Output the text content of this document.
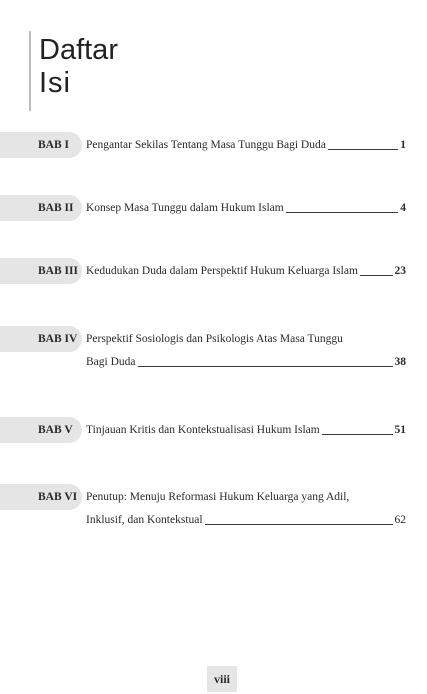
Daftar
Isi
BAB I Pengantar Sekilas Tentang Masa Tunggu Bagi Duda	1
BAB II Konsep Masa Tunggu dalam Hukum Islam	4
BAB III Kedudukan Duda dalam Perspektif Hukum Keluarga Islam	23
BAB IV Perspektif Sosiologis dan Psikologis Atas Masa Tunggu
Bagi Duda	38
BAB V Tinjauan Kritis dan Kontekstualisasi Hukum Islam	51
BAB VI Penutup: Menuju Reformasi Hukum Keluarga yang Adil,
Inklusif, dan Kontekstual	62
viii
